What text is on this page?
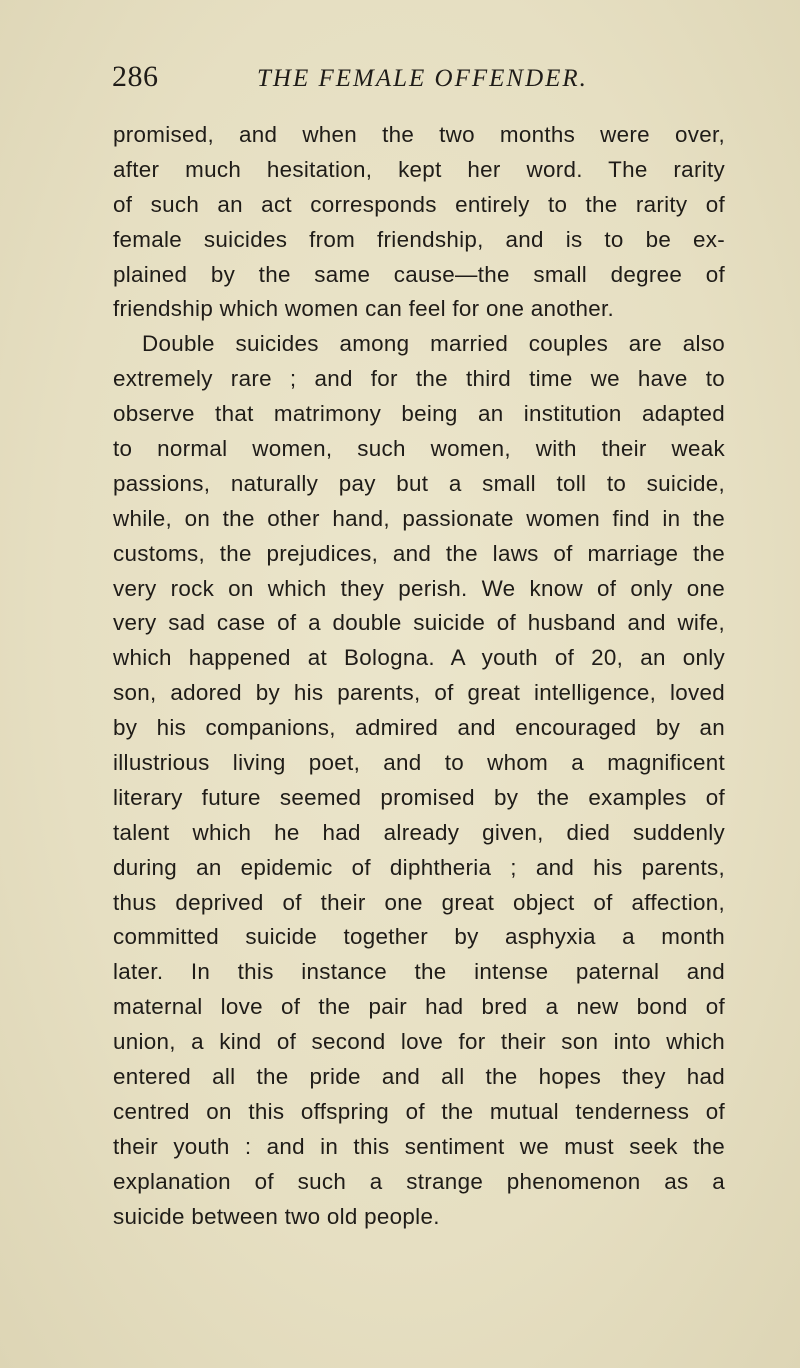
286	THE FEMALE OFFENDER.
promised, and when the two months were over,
after much hesitation, kept her word. The rarity
of such an act corresponds entirely to the rarity of
female suicides from friendship, and is to be ex-
plained by the same cause—the small degree of
friendship which women can feel for one another.
Double suicides among married couples are also
extremely rare ; and for the third time we have to
observe that matrimony being an institution adapted
to normal women, such women, with their weak
passions, naturally pay but a small toll to suicide,
while, on the other hand, passionate women find in the
customs, the prejudices, and the laws of marriage the
very rock on which they perish. We know of only one
very sad case of a double suicide of husband and wife,
which happened at Bologna. A youth of 20, an only
son, adored by his parents, of great intelligence, loved
by his companions, admired and encouraged by an
illustrious living poet, and to whom a magnificent
literary future seemed promised by the examples of
talent which he had already given, died suddenly
during an epidemic of diphtheria ; and his parents,
thus deprived of their one great object of affection,
committed suicide together by asphyxia a month
later. In this instance the intense paternal and
maternal love of the pair had bred a new bond of
union, a kind of second love for their son into which
entered all the pride and all the hopes they had
centred on this offspring of the mutual tenderness of
their youth : and in this sentiment we must seek the
explanation of such a strange phenomenon as a
suicide between two old people.
